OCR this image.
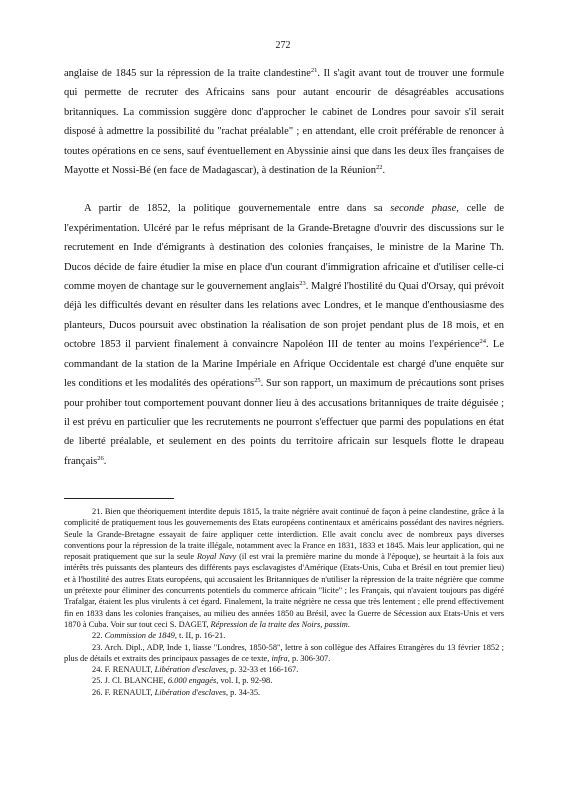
272

anglaise de 1845 sur la répression de la traite clandestine$^{21}$. Il s'agit avant tout de trouver une formule qui permette de recruter des Africains sans pour autant encourir de désagréables accusations britanniques. La commission suggère donc d'approcher le cabinet de Londres pour savoir s'il serait disposé à admettre la possibilité du "rachat préalable" ; en attendant, elle croit préférable de renoncer à toutes opérations en ce sens, sauf éventuellement en Abyssinie ainsi que dans les deux îles françaises de Mayotte et Nossi-Bé (en face de Madagascar), à destination de la Réunion$^{22}$.

A partir de 1852, la politique gouvernementale entre dans sa seconde phase, celle de l'expérimentation. Ulcéré par le refus méprisant de la Grande-Bretagne d'ouvrir des discussions sur le recrutement en Inde d'émigrants à destination des colonies françaises, le ministre de la Marine Th. Ducos décide de faire étudier la mise en place d'un courant d'immigration africaine et d'utiliser celle-ci comme moyen de chantage sur le gouvernement anglais$^{23}$. Malgré l'hostilité du Quai d'Orsay, qui prévoit déjà les difficultés devant en résulter dans les relations avec Londres, et le manque d'enthousiasme des planteurs, Ducos poursuit avec obstination la réalisation de son projet pendant plus de 18 mois, et en octobre 1853 il parvient finalement à convaincre Napoléon III de tenter au moins l'expérience$^{24}$. Le commandant de la station de la Marine Impériale en Afrique Occidentale est chargé d'une enquête sur les conditions et les modalités des opérations$^{25}$. Sur son rapport, un maximum de précautions sont prises pour prohiber tout comportement pouvant donner lieu à des accusations britanniques de traite déguisée ; il est prévu en particulier que les recrutements ne pourront s'effectuer que parmi des populations en état de liberté préalable, et seulement en des points du territoire africain sur lesquels flotte le drapeau français$^{26}$.

21. Bien que théoriquement interdite depuis 1815, la traite négrière avait continué de façon à peine clandestine, grâce à la complicité de pratiquement tous les gouvernements des Etats européens continentaux et américains possédant des navires négriers. Seule la Grande-Bretagne essayait de faire appliquer cette interdiction. Elle avait conclu avec de nombreux pays diverses conventions pour la répression de la traite illégale, notamment avec la France en 1831, 1833 et 1845. Mais leur application, qui ne reposait pratiquement que sur la seule Royal Navy (il est vrai la première marine du monde à l'époque), se heurtait à la fois aux intérêts très puissants des planteurs des différents pays esclavagistes d'Amérique (Etats-Unis, Cuba et Brésil en tout premier lieu) et à l'hostilité des autres Etats européens, qui accusaient les Britanniques de n'utiliser la répression de la traite négrière que comme un prétexte pour éliminer des concurrents potentiels du commerce africain "licite" ; les Français, qui n'avaient toujours pas digéré Trafalgar, étaient les plus virulents à cet égard. Finalement, la traite négrière ne cessa que très lentement ; elle prend effectivement fin en 1833 dans les colonies françaises, au milieu des années 1850 au Brésil, avec la Guerre de Sécession aux Etats-Unis et vers 1870 à Cuba. Voir sur tout ceci S. DAGET, Répression de la traite des Noirs, passim.

22. Commission de 1849, t. II, p. 16-21.

23. Arch. Dipl., ADP, Inde 1, liasse "Londres, 1850-58", lettre à son collègue des Affaires Etrangères du 13 février 1852 ; plus de détails et extraits des principaux passages de ce texte, infra, p. 306-307.

24. F. RENAULT, Libération d'esclaves, p. 32-33 et 166-167.

25. J. Cl. BLANCHE, 6.000 engagés, vol. I, p. 92-98.

26. F. RENAULT, Libération d'esclaves, p. 34-35.
